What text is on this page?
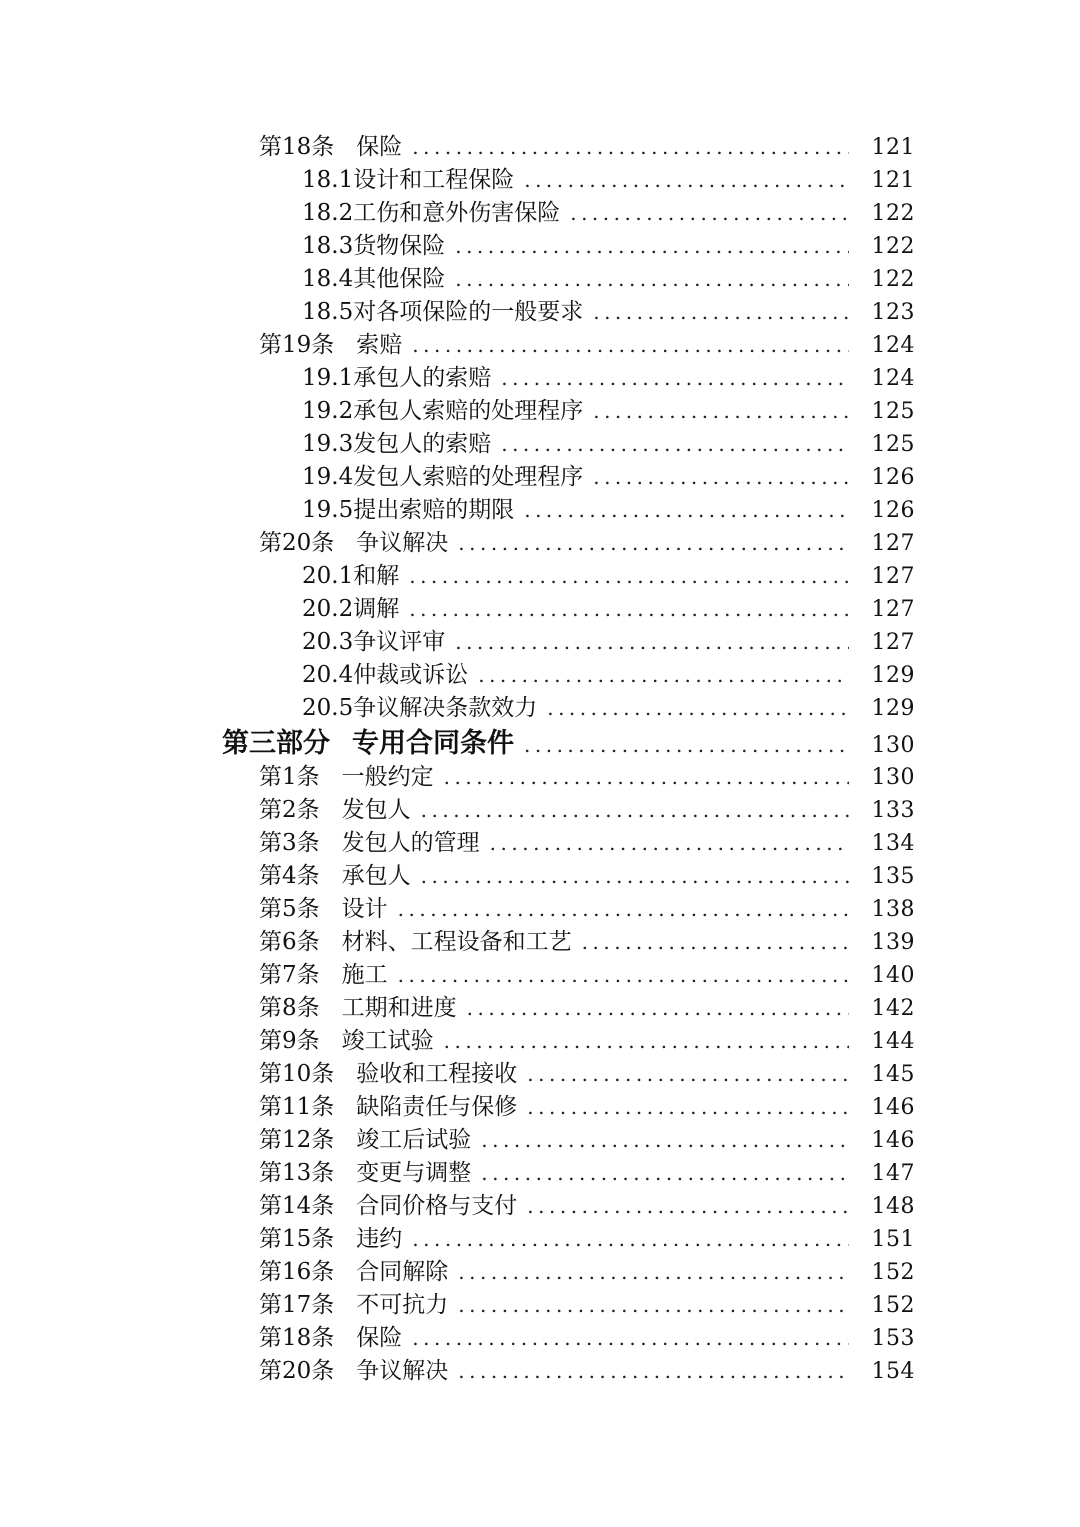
第18条 保险 .....	121
18.1 设计和工程保险 .....	121
18.2 工伤和意外伤害保险 .....	122
18.3 货物保险 .....	122
18.4 其他保险 .....	122
18.5 对各项保险的一般要求 .....	123
第19条 索赔 .....	124
19.1 承包人的索赔 .....	124
19.2 承包人索赔的处理程序 .....	125
19.3 发包人的索赔 .....	125
19.4 发包人索赔的处理程序 .....	126
19.5 提出索赔的期限 .....	126
第20条 争议解决 .....	127
20.1 和解 .....	127
20.2 调解 .....	127
20.3 争议评审 .....	127
20.4 仲裁或诉讼 .....	129
20.5 争议解决条款效力 .....	129
第三部分 专用合同条件 .....	130
第1条 一般约定 .....	130
第2条 发包人 .....	133
第3条 发包人的管理 .....	134
第4条 承包人 .....	135
第5条 设计 .....	138
第6条 材料、工程设备和工艺 .....	139
第7条 施工 .....	140
第8条 工期和进度 .....	142
第9条 竣工试验 .....	144
第10条 验收和工程接收 .....	145
第11条 缺陷责任与保修 .....	146
第12条 竣工后试验 .....	146
第13条 变更与调整 .....	147
第14条 合同价格与支付 .....	148
第15条 违约 .....	151
第16条 合同解除 .....	152
第17条 不可抗力 .....	152
第18条 保险 .....	153
第20条 争议解决 .....	154
